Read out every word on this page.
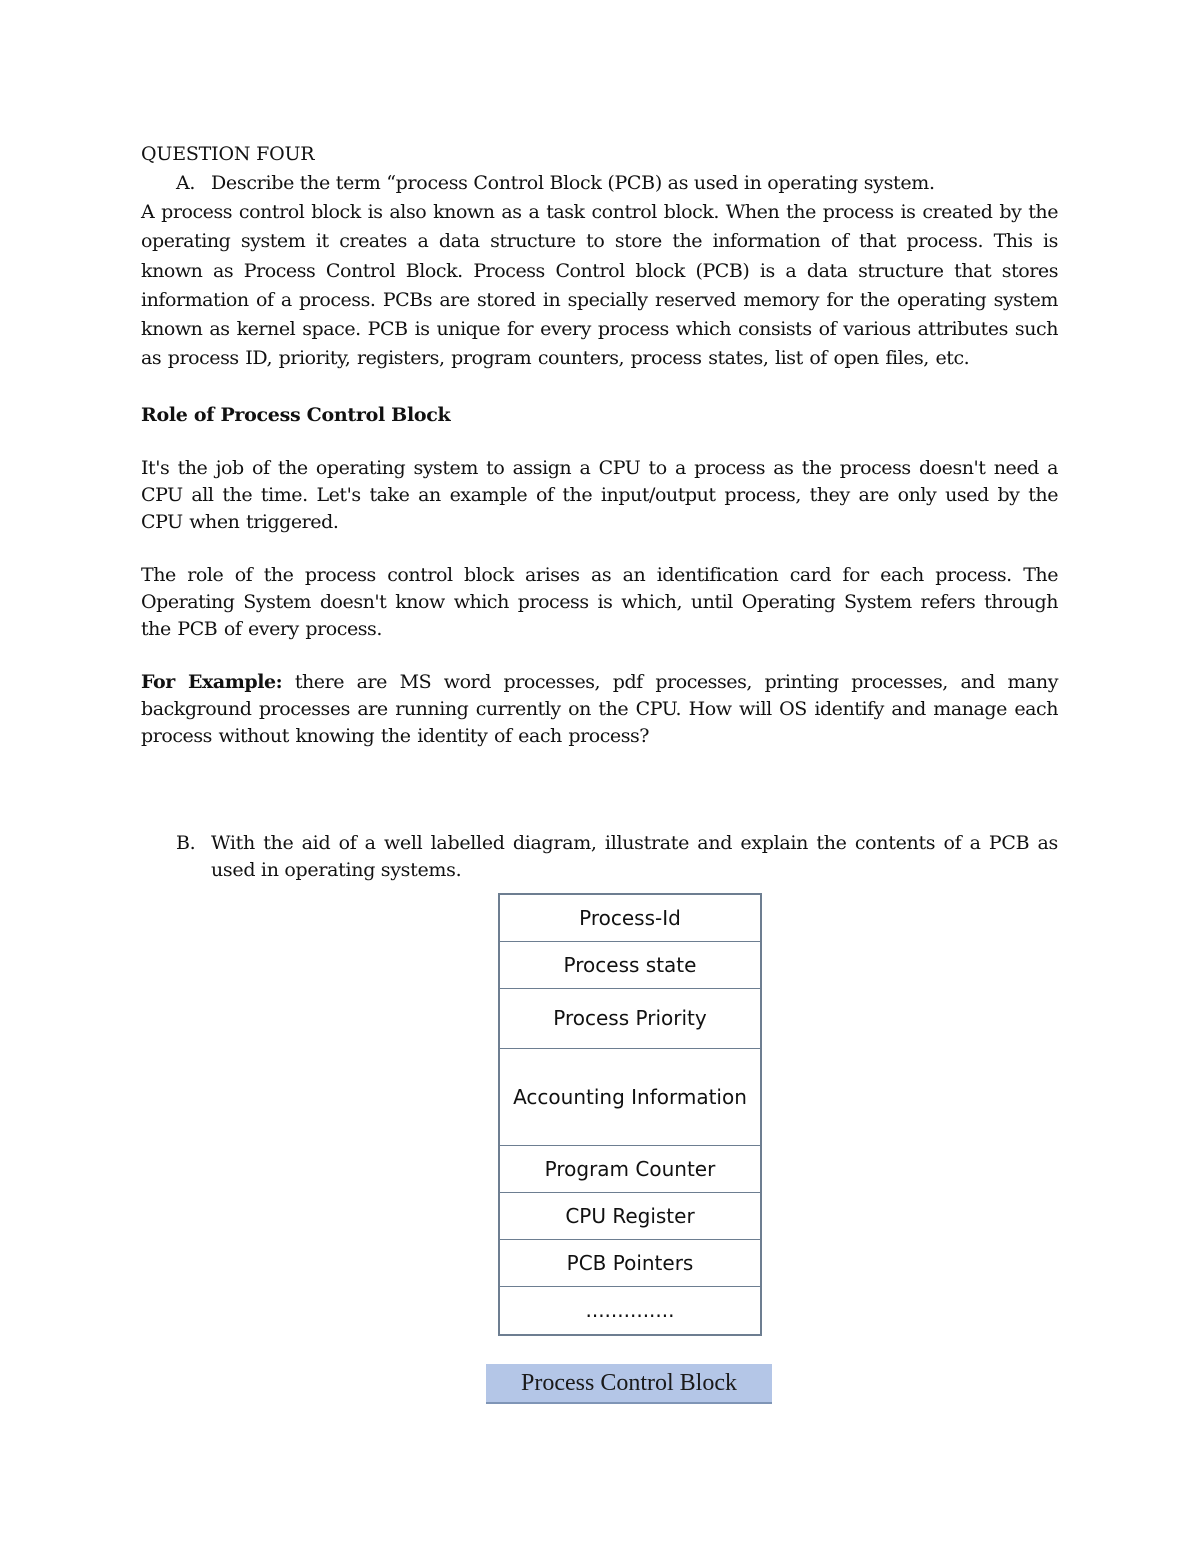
QUESTION FOUR

A. Describe the term “process Control Block (PCB) as used in operating system.

A process control block is also known as a task control block. When the process is created by the operating system it creates a data structure to store the information of that process. This is known as Process Control Block. Process Control block (PCB) is a data structure that stores information of a process. PCBs are stored in specially reserved memory for the operating system known as kernel space. PCB is unique for every process which consists of various attributes such as process ID, priority, registers, program counters, process states, list of open files, etc.

Role of Process Control Block

It's the job of the operating system to assign a CPU to a process as the process doesn't need a CPU all the time. Let's take an example of the input/output process, they are only used by the CPU when triggered.

The role of the process control block arises as an identification card for each process. The Operating System doesn't know which process is which, until Operating System refers through the PCB of every process.

For Example: there are MS word processes, pdf processes, printing processes, and many background processes are running currently on the CPU. How will OS identify and manage each process without knowing the identity of each process?

B. With the aid of a well labelled diagram, illustrate and explain the contents of a PCB as used in operating systems.
Process-Id
Process state
Process Priority
Accounting Information
Program Counter
CPU Register
PCB Pointers
..............
Process Control Block
